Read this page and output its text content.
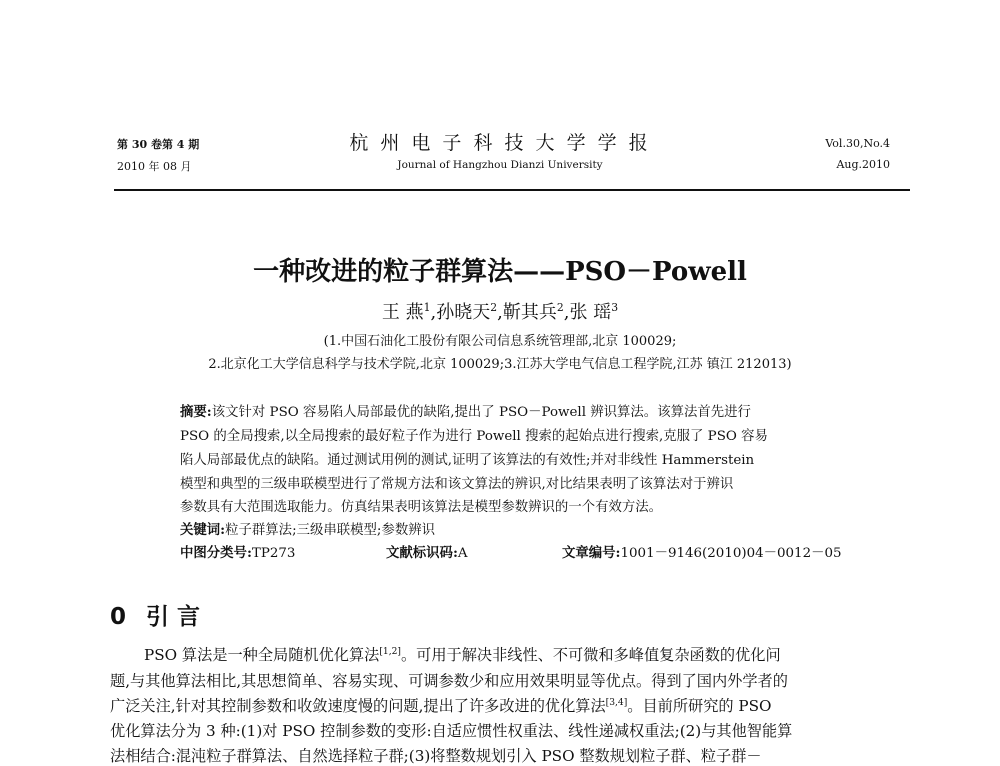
第 30 卷第 4 期
2010 年 08 月
杭 州 电 子 科 技 大 学 学 报
Journal of Hangzhou Dianzi University
Vol.30,No.4
Aug.2010
一种改进的粒子群算法——PSO－Powell
王 燕$^1$,孙晓天$^2$,靳其兵$^2$,张 瑶$^3$
(1.中国石油化工股份有限公司信息系统管理部,北京 100029;
2.北京化工大学信息科学与技术学院,北京 100029;3.江苏大学电气信息工程学院,江苏 镇江 212013)
摘要:该文针对 PSO 容易陷人局部最优的缺陷,提出了 PSO－Powell 辨识算法。该算法首先进行
PSO 的全局搜索,以全局搜索的最好粒子作为进行 Powell 搜索的起始点进行搜索,克服了 PSO 容易
陷人局部最优点的缺陷。通过测试用例的测试,证明了该算法的有效性;并对非线性 Hammerstein
模型和典型的三级串联模型进行了常规方法和该文算法的辨识,对比结果表明了该算法对于辨识
参数具有大范围选取能力。仿真结果表明该算法是模型参数辨识的一个有效方法。
关键词:粒子群算法;三级串联模型;参数辨识
中图分类号:TP273	文献标识码:A	文章编号:1001－9146(2010)04－0012－05
0 引 言
PSO 算法是一种全局随机优化算法[1,2]。可用于解决非线性、不可微和多峰值复杂函数的优化问
题,与其他算法相比,其思想简单、容易实现、可调参数少和应用效果明显等优点。得到了国内外学者的
广泛关注,针对其控制参数和收敛速度慢的问题,提出了许多改进的优化算法[3,4]。目前所研究的 PSO
优化算法分为 3 种:(1)对 PSO 控制参数的变形:自适应惯性权重法、线性递减权重法;(2)与其他智能算
法相结合:混沌粒子群算法、自然选择粒子群;(3)将整数规划引入 PSO 整数规划粒子群、粒子群－
